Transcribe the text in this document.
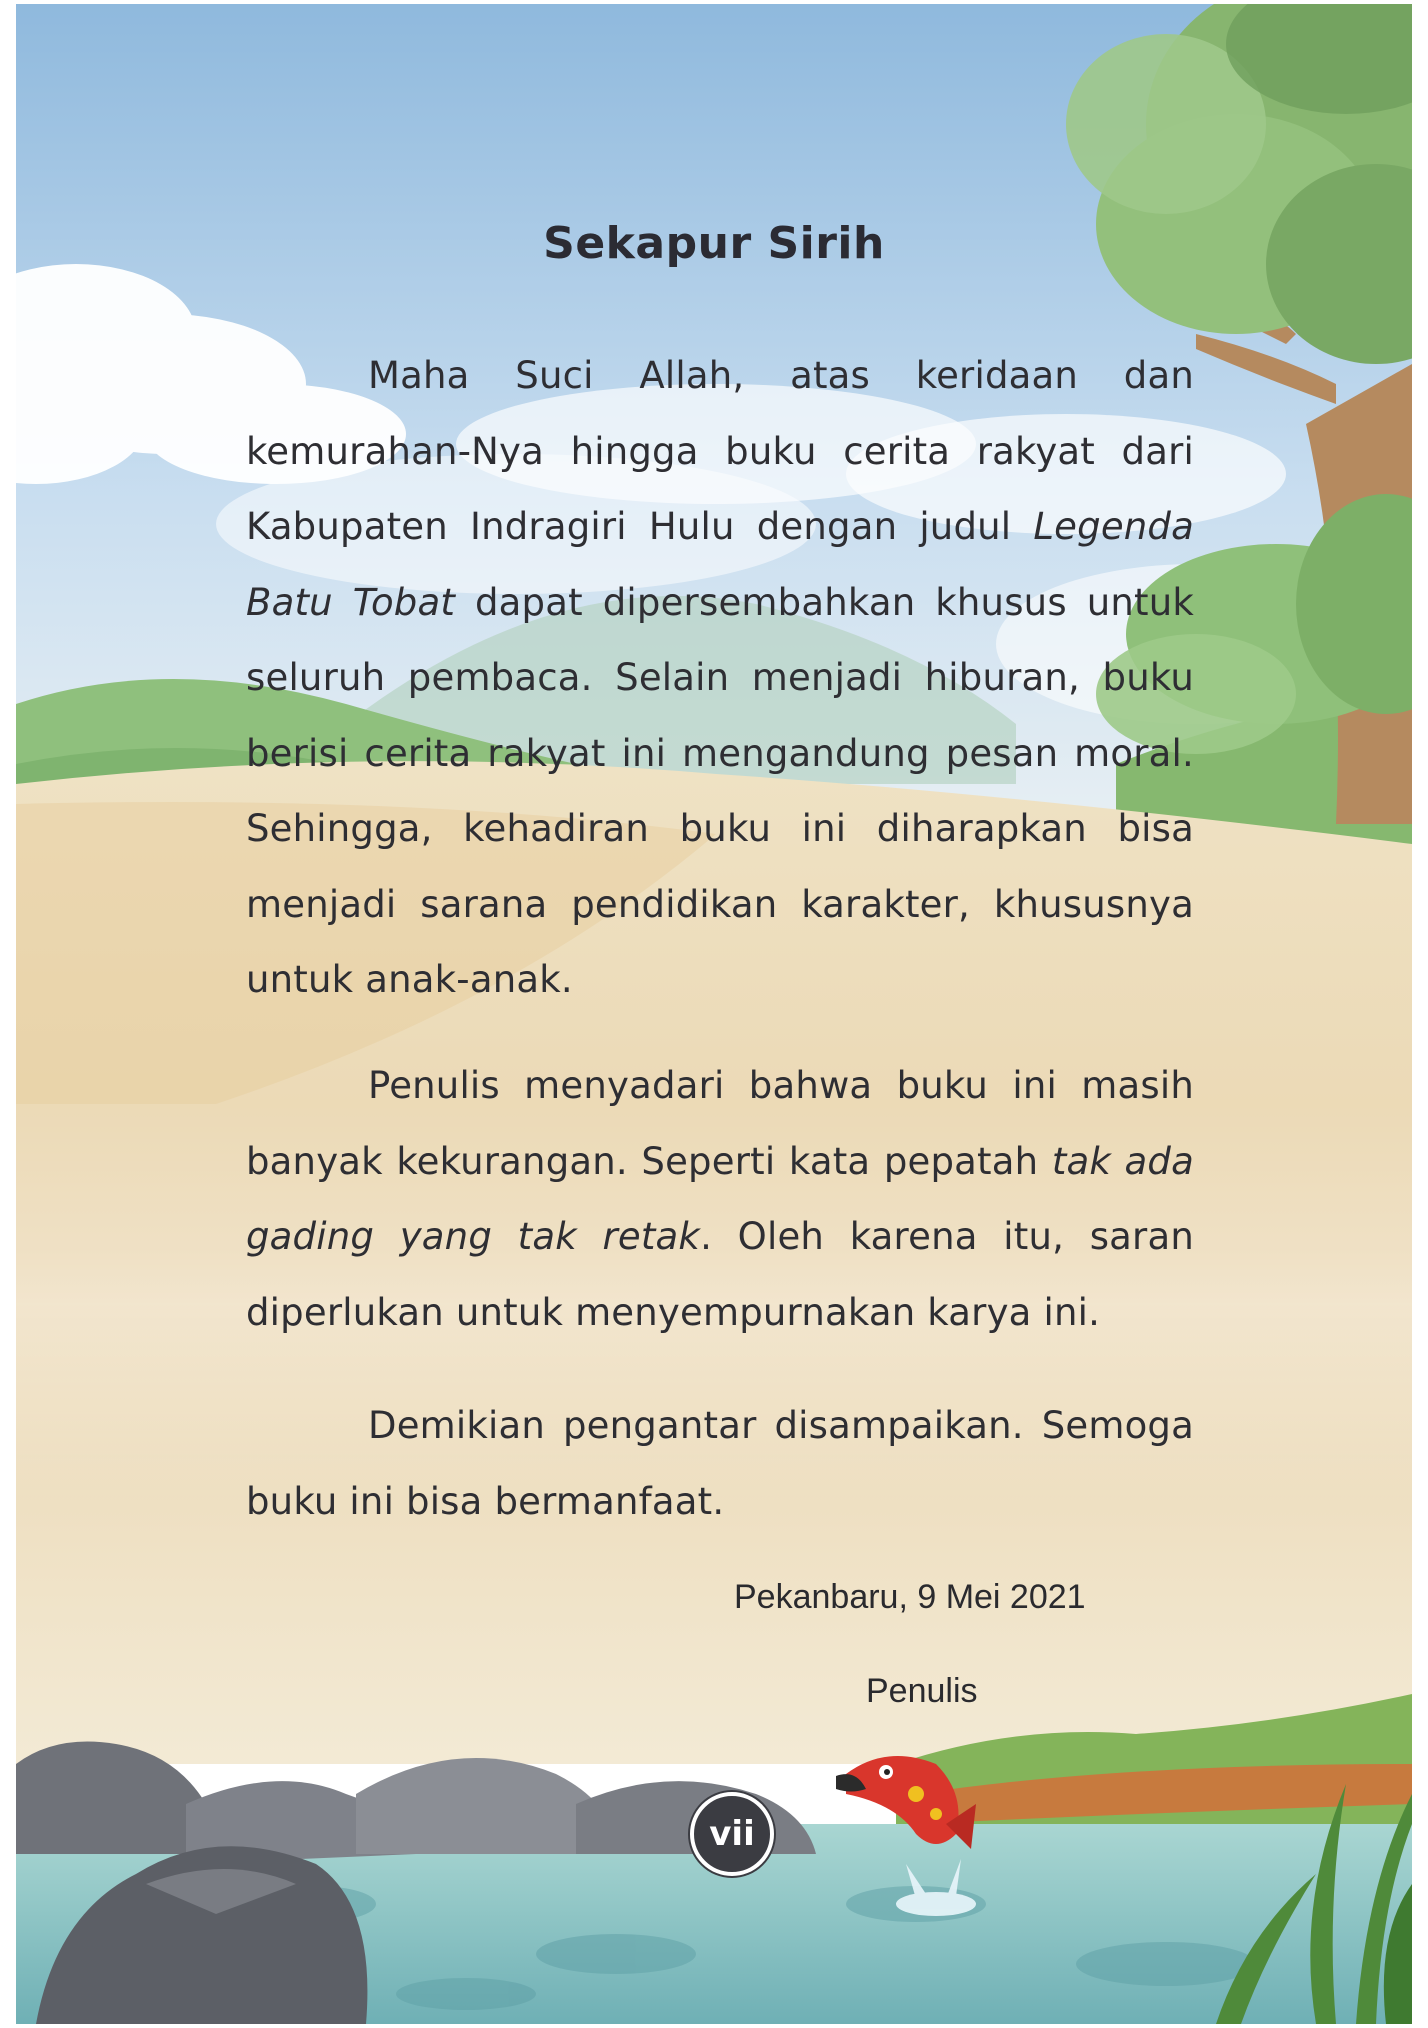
Sekapur Sirih

Maha Suci Allah, atas keridaan dan kemurahan-Nya hingga buku cerita rakyat dari Kabupaten Indragiri Hulu dengan judul Legenda Batu Tobat dapat dipersembahkan khusus untuk seluruh pembaca. Selain menjadi hiburan, buku berisi cerita rakyat ini mengandung pesan moral. Sehingga, kehadiran buku ini diharapkan bisa menjadi sarana pendidikan karakter, khususnya untuk anak-anak.

Penulis menyadari bahwa buku ini masih banyak kekurangan. Seperti kata pepatah tak ada gading yang tak retak. Oleh karena itu, saran diperlukan untuk menyempurnakan karya ini.

Demikian pengantar disampaikan. Semoga buku ini bisa bermanfaat.

Pekanbaru, 9 Mei 2021
Penulis
vii
